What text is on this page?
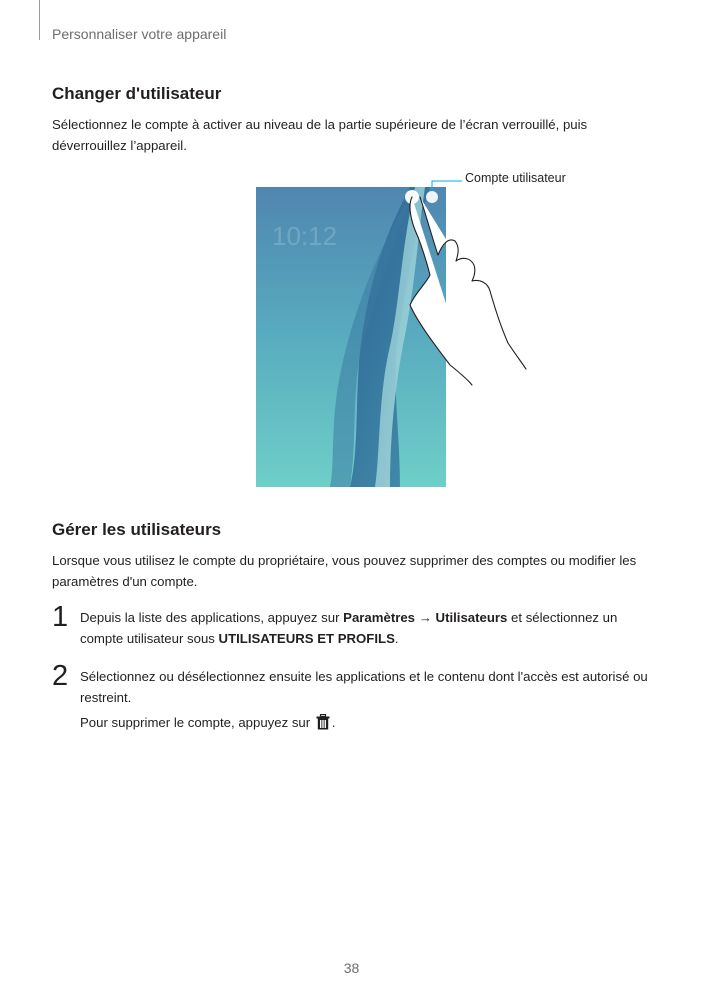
Personnaliser votre appareil
Changer d'utilisateur
Sélectionnez le compte à activer au niveau de la partie supérieure de l’écran verrouillé, puis déverrouillez l’appareil.
Compte utilisateur
10:12
Gérer les utilisateurs
Lorsque vous utilisez le compte du propriétaire, vous pouvez supprimer des comptes ou modifier les paramètres d'un compte.
1 Depuis la liste des applications, appuyez sur Paramètres → Utilisateurs et sélectionnez un compte utilisateur sous UTILISATEURS ET PROFILS.
2 Sélectionnez ou désélectionnez ensuite les applications et le contenu dont l'accès est autorisé ou restreint.
Pour supprimer le compte, appuyez sur .
38
